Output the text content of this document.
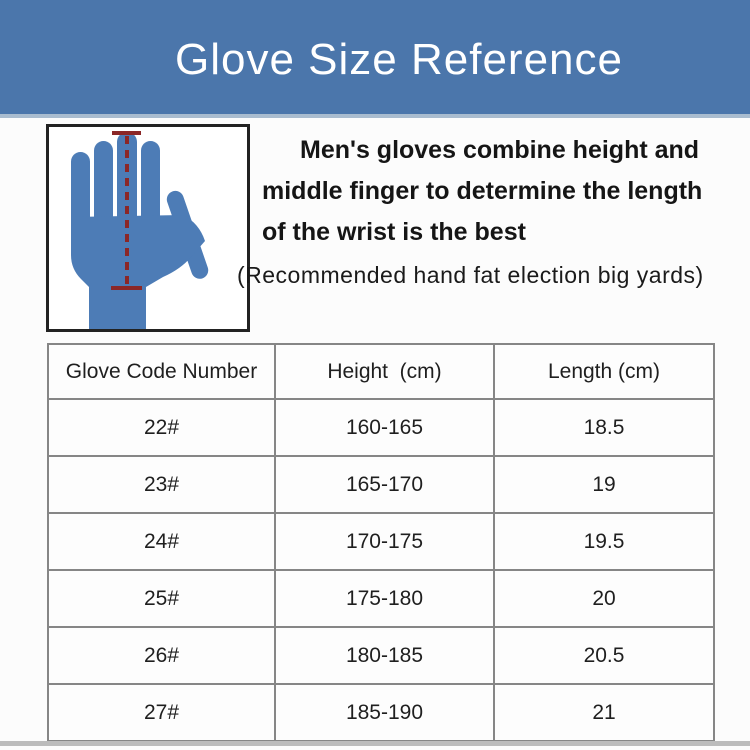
Glove Size Reference
Men's gloves combine height and
middle finger to determine the length
of the wrist is the best
(Recommended hand fat election big yards)
Glove Code Number	Height  (cm)	Length (cm)
22#	160-165	18.5
23#	165-170	19
24#	170-175	19.5
25#	175-180	20
26#	180-185	20.5
27#	185-190	21
